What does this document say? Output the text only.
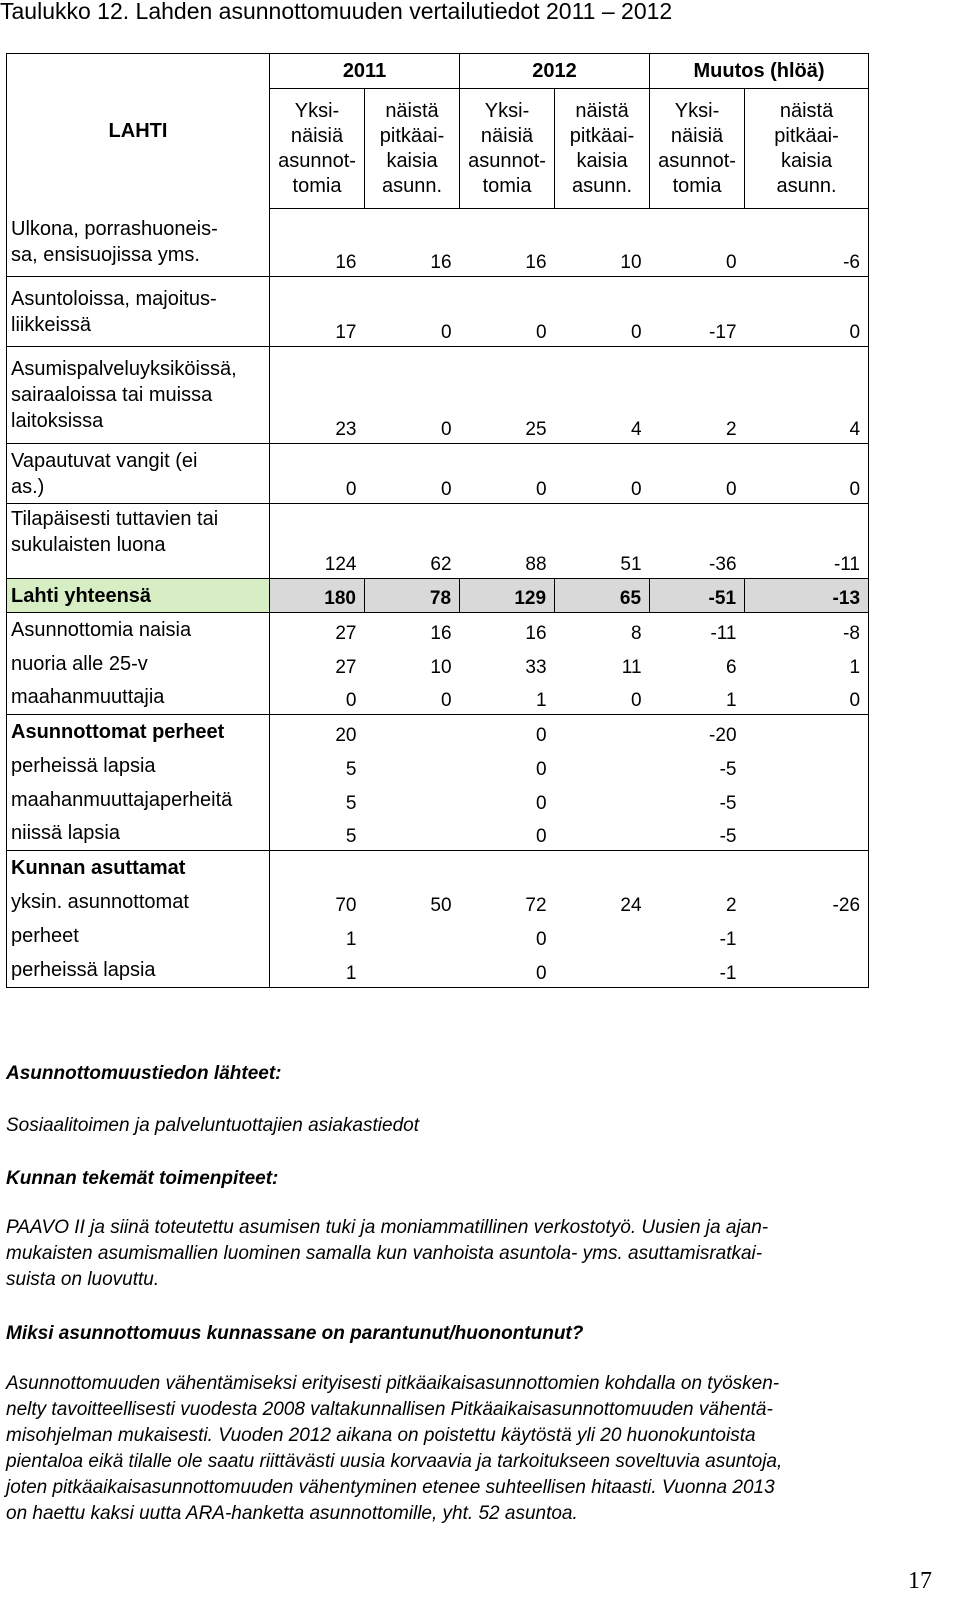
Taulukko 12. Lahden asunnottomuuden vertailutiedot 2011 – 2012
LAHTI	2011		2012		Muutos (hlöä)	
	Yksi-
näisiä
asunnot-
tomia	näistä
pitkäai-
kaisia
asunn.	Yksi-
näisiä
asunnot-
tomia	näistä
pitkäai-
kaisia
asunn.	Yksi-
näisiä
asunnot-
tomia	näistä
pitkäai-
kaisia
asunn.
Ulkona, porrashuoneis-
sa, ensisuojissa yms.	16	16	16	10	0	-6
Asuntoloissa, majoitus-
liikkeissä	17	0	0	0	-17	0
Asumispalveluyksiköissä,
sairaaloissa tai muissa
laitoksissa	23	0	25	4	2	4
Vapautuvat vangit (ei
as.)	0	0	0	0	0	0
Tilapäisesti tuttavien tai
sukulaisten luona	124	62	88	51	-36	-11
Lahti yhteensä	180	78	129	65	-51	-13
Asunnottomia naisia	27	16	16	8	-11	-8
nuoria alle 25-v	27	10	33	11	6	1
maahanmuuttajia	0	0	1	0	1	0
Asunnottomat perheet	20		0		-20	
perheissä lapsia	5		0		-5	
maahanmuuttajaperheitä	5		0		-5	
niissä lapsia	5		0		-5	
Kunnan asuttamat						
yksin. asunnottomat	70	50	72	24	2	-26
perheet	1		0		-1	
perheissä lapsia	1		0		-1	
Asunnottomuustiedon lähteet:
Sosiaalitoimen ja palveluntuottajien asiakastiedot
Kunnan tekemät toimenpiteet:
PAAVO II ja siinä toteutettu asumisen tuki ja moniammatillinen verkostotyö. Uusien ja ajan-
mukaisten asumismallien luominen samalla kun vanhoista asuntola- yms. asuttamisratkai-
suista on luovuttu.
Miksi asunnottomuus kunnassane on parantunut/huonontunut?
Asunnottomuuden vähentämiseksi erityisesti pitkäaikaisasunnottomien kohdalla on työsken-
nelty tavoitteellisesti vuodesta 2008 valtakunnallisen Pitkäaikaisasunnottomuuden vähentä-
misohjelman mukaisesti. Vuoden 2012 aikana on poistettu käytöstä yli 20 huonokuntoista
pientaloa eikä tilalle ole saatu riittävästi uusia korvaavia ja tarkoitukseen soveltuvia asuntoja,
joten pitkäaikaisasunnottomuuden vähentyminen etenee suhteellisen hitaasti. Vuonna 2013
on haettu kaksi uutta ARA-hanketta asunnottomille, yht. 52 asuntoa.
17
